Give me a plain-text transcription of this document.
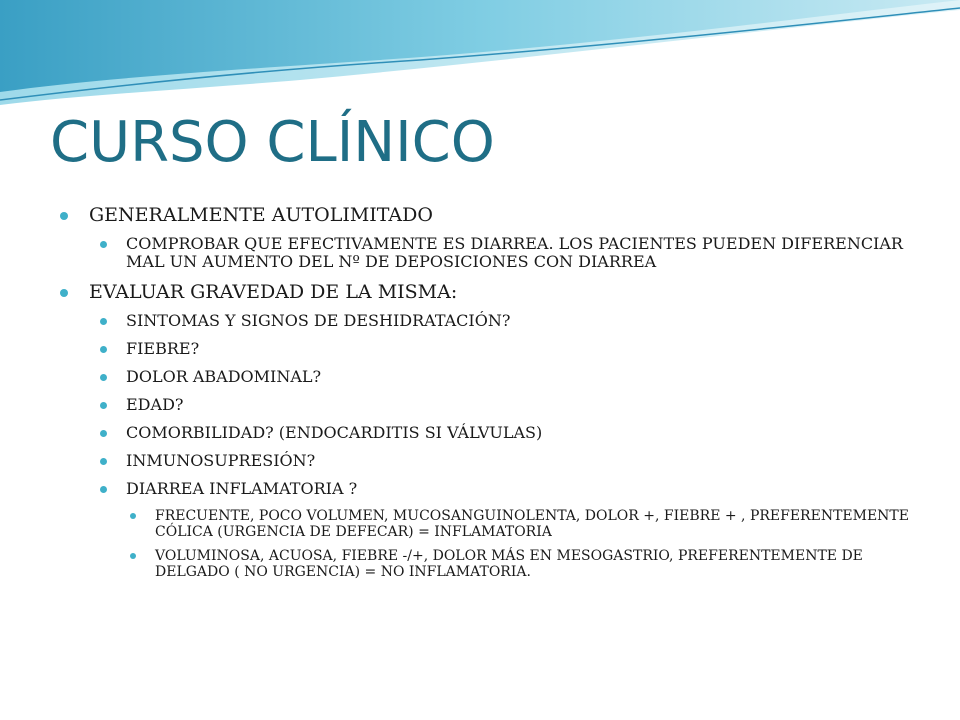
CURSO CLÍNICO
GENERALMENTE AUTOLIMITADO
COMPROBAR QUE EFECTIVAMENTE ES DIARREA. LOS PACIENTES PUEDEN DIFERENCIAR MAL UN AUMENTO DEL Nº DE DEPOSICIONES CON DIARREA
EVALUAR GRAVEDAD DE LA MISMA:
SINTOMAS Y SIGNOS DE DESHIDRATACIÓN?
FIEBRE?
DOLOR ABADOMINAL?
EDAD?
COMORBILIDAD? (ENDOCARDITIS SI VÁLVULAS)
INMUNOSUPRESIÓN?
DIARREA INFLAMATORIA ?
FRECUENTE, POCO VOLUMEN, MUCOSANGUINOLENTA, DOLOR +, FIEBRE + , PREFERENTEMENTE CÓLICA (URGENCIA DE DEFECAR) = INFLAMATORIA
VOLUMINOSA, ACUOSA, FIEBRE -/+, DOLOR MÁS EN MESOGASTRIO, PREFERENTEMENTE DE DELGADO ( NO URGENCIA) = NO INFLAMATORIA.
